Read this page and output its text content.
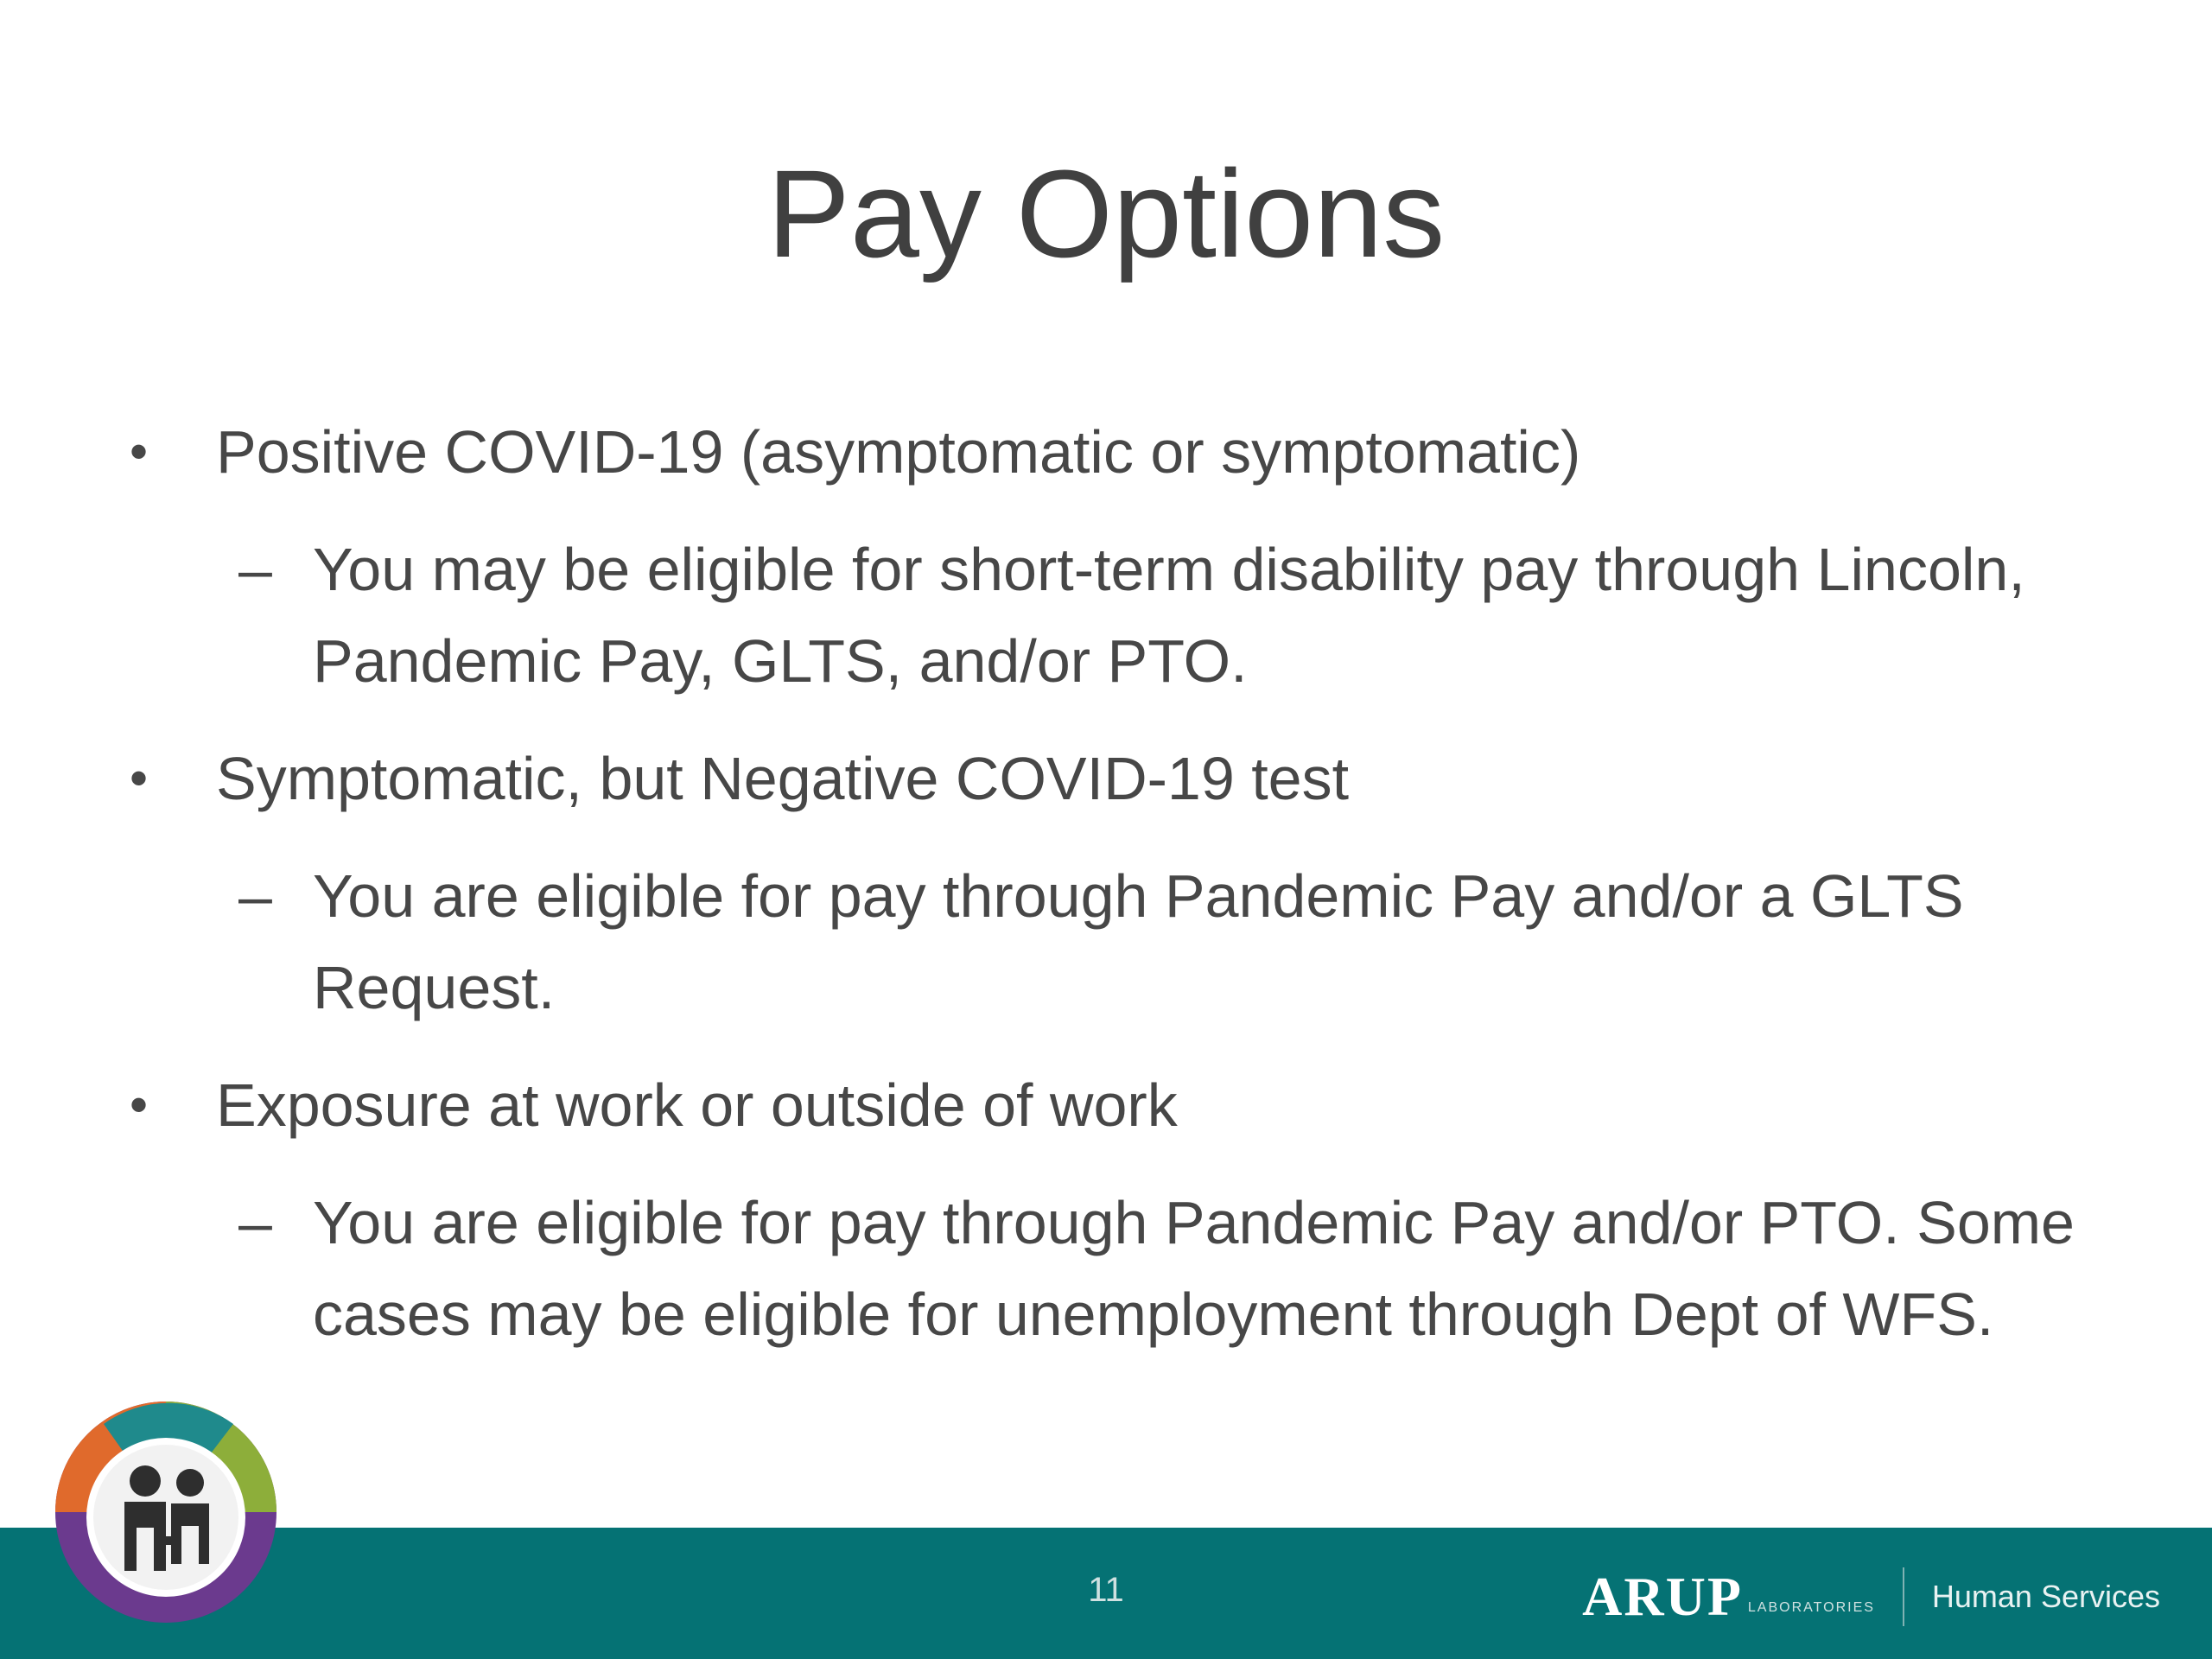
Pay Options
• Positive COVID-19 (asymptomatic or symptomatic)
– You may be eligible for short-term disability pay through Lincoln, Pandemic Pay, GLTS, and/or PTO.
• Symptomatic, but Negative COVID-19 test
– You are eligible for pay through Pandemic Pay and/or a GLTS Request.
• Exposure at work or outside of work
– You are eligible for pay through Pandemic Pay and/or PTO. Some cases may be eligible for unemployment through Dept of WFS.
11	ARUP LABORATORIES Human Services
